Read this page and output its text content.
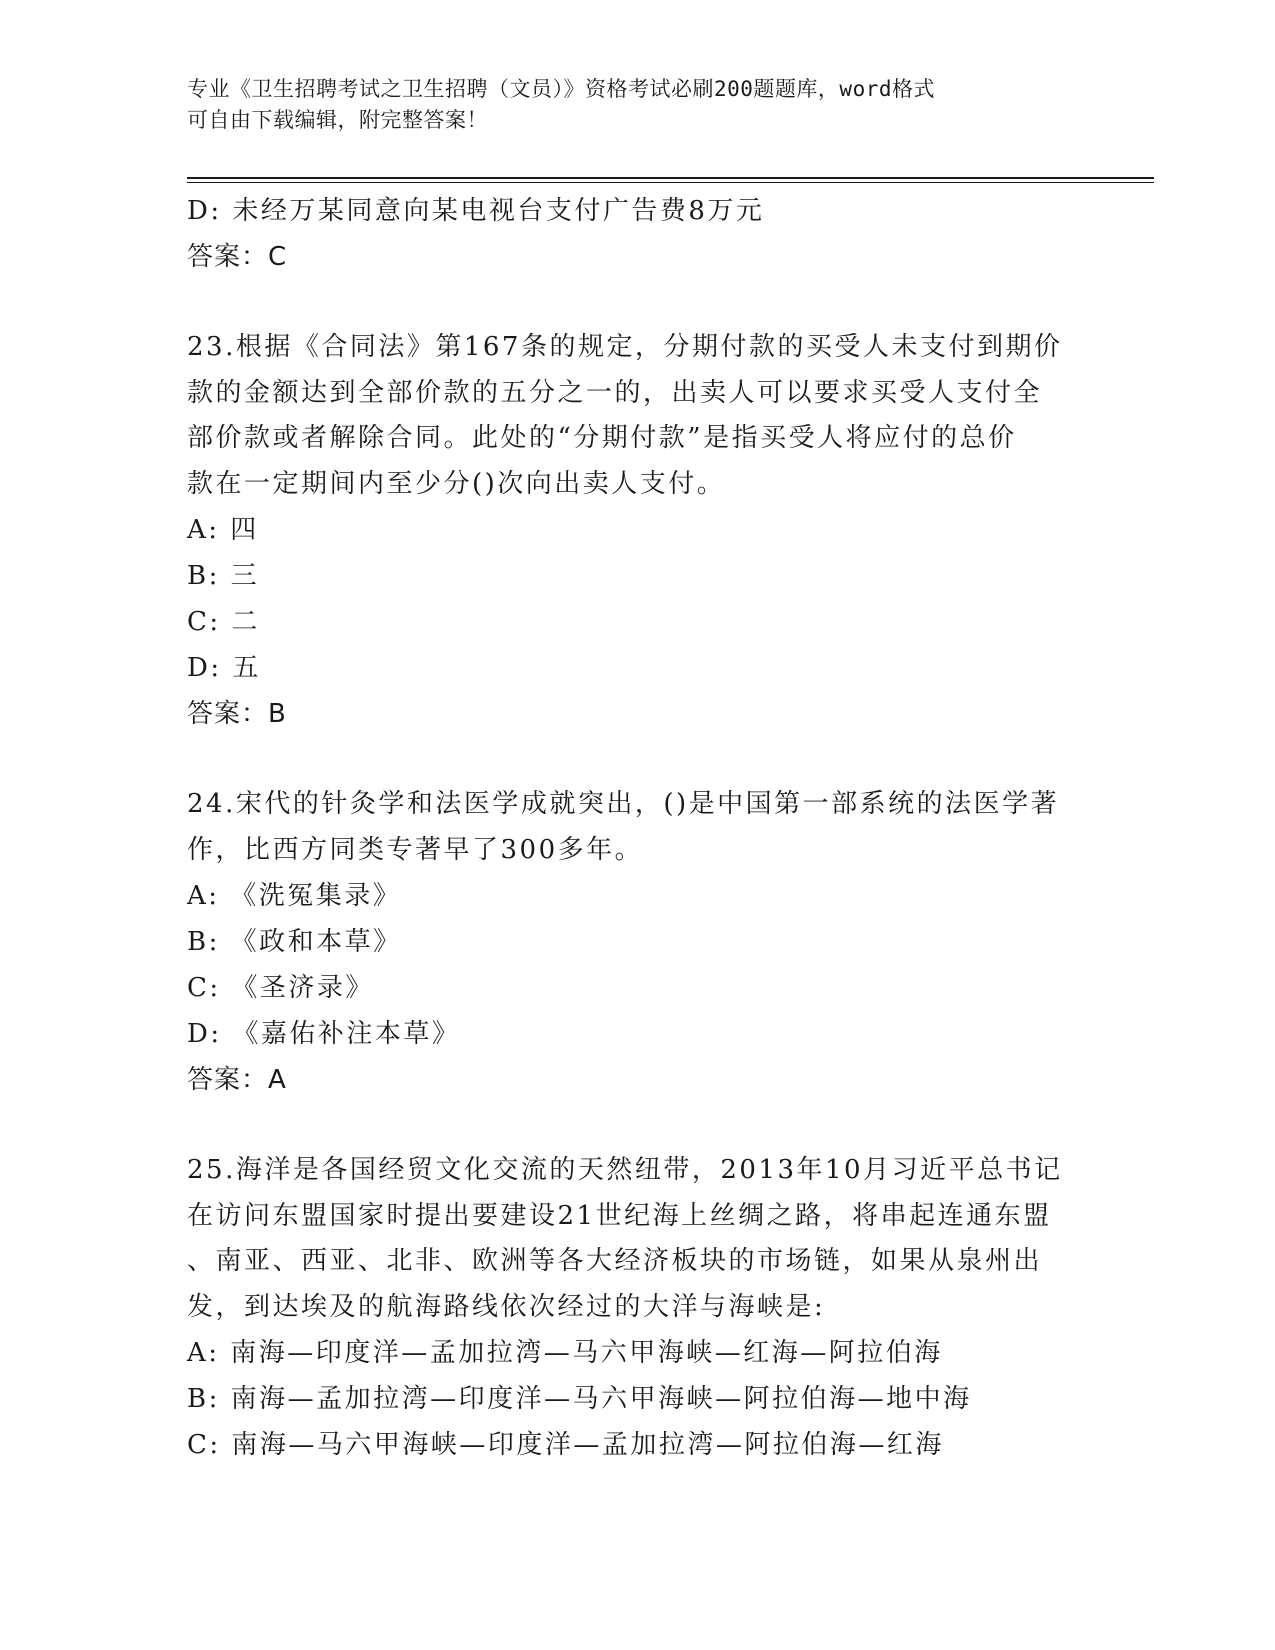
专业《卫生招聘考试之卫生招聘（文员）》资格考试必刷200题题库，word格式
可自由下载编辑，附完整答案！
D: 未经万某同意向某电视台支付广告费8万元
答案：C
23.根据《合同法》第167条的规定，分期付款的买受人未支付到期价
款的金额达到全部价款的五分之一的，出卖人可以要求买受人支付全
部价款或者解除合同。此处的“分期付款”是指买受人将应付的总价
款在一定期间内至少分()次向出卖人支付。
A: 四
B: 三
C: 二
D: 五
答案：B
24.宋代的针灸学和法医学成就突出，()是中国第一部系统的法医学著
作，比西方同类专著早了300多年。
A: 《洗冤集录》
B: 《政和本草》
C: 《圣济录》
D: 《嘉佑补注本草》
答案：A
25.海洋是各国经贸文化交流的天然纽带，2013年10月习近平总书记
在访问东盟国家时提出要建设21世纪海上丝绸之路，将串起连通东盟
、南亚、西亚、北非、欧洲等各大经济板块的市场链，如果从泉州出
发，到达埃及的航海路线依次经过的大洋与海峡是:
A: 南海—印度洋—孟加拉湾—马六甲海峡—红海—阿拉伯海
B: 南海—孟加拉湾—印度洋—马六甲海峡—阿拉伯海—地中海
C: 南海—马六甲海峡—印度洋—孟加拉湾—阿拉伯海—红海
